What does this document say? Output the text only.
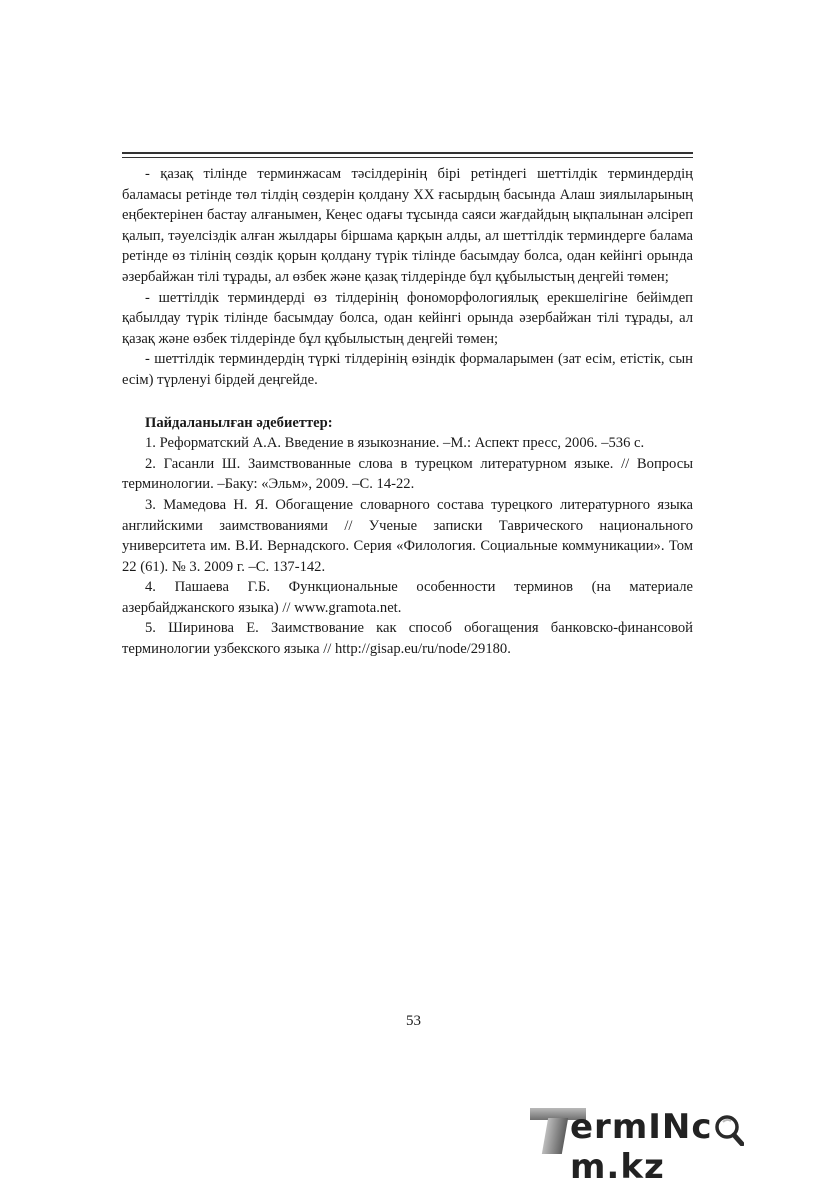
- қазақ тілінде терминжасам тәсілдерінің бірі ретіндегі шеттілдік терминдердің баламасы ретінде төл тілдің сөздерін қолдану ХХ ғасырдың басында Алаш зиялыларының еңбектерінен бастау алғанымен, Кеңес одағы тұсында саяси жағдайдың ықпалынан әлсіреп қалып, тәуелсіздік алған жылдары біршама қарқын алды, ал шеттілдік терминдерге балама ретінде өз тілінің сөздік қорын қолдану түрік тілінде басымдау болса, одан кейінгі орында әзербайжан тілі тұрады, ал өзбек және қазақ тілдерінде бұл құбылыстың деңгейі төмен;

- шеттілдік терминдерді өз тілдерінің фономорфологиялық ерекшелігіне бейімдеп қабылдау түрік тілінде басымдау болса, одан кейінгі орында әзербайжан тілі тұрады, ал қазақ және өзбек тілдерінде бұл құбылыстың деңгейі төмен;

- шеттілдік терминдердің түркі тілдерінің өзіндік формаларымен (зат есім, етістік, сын есім) түрленуі бірдей деңгейде.

Пайдаланылған әдебиеттер:

1. Реформатский А.А. Введение в языкознание. –М.: Аспект пресс, 2006. –536 с.

2. Гасанли Ш. Заимствованные слова в турецком литературном языке. // Вопросы терминологии. –Баку: «Эльм», 2009. –С. 14-22.

3. Мамедова Н. Я. Обогащение словарного состава турецкого литературного языка английскими заимствованиями // Ученые записки Таврического национального университета им. В.И. Вернадского. Серия «Филология. Социальные коммуникации». Том 22 (61). № 3. 2009 г. –С. 137-142.

4. Пашаева Г.Б. Функциональные особенности терминов (на материале азербайджанского языка) // www.gramota.net.

5. Ширинова Е. Заимствование как способ обогащения банковско-финансовой терминологии узбекского языка // http://gisap.eu/ru/node/29180.

53
ermINcm.kz
